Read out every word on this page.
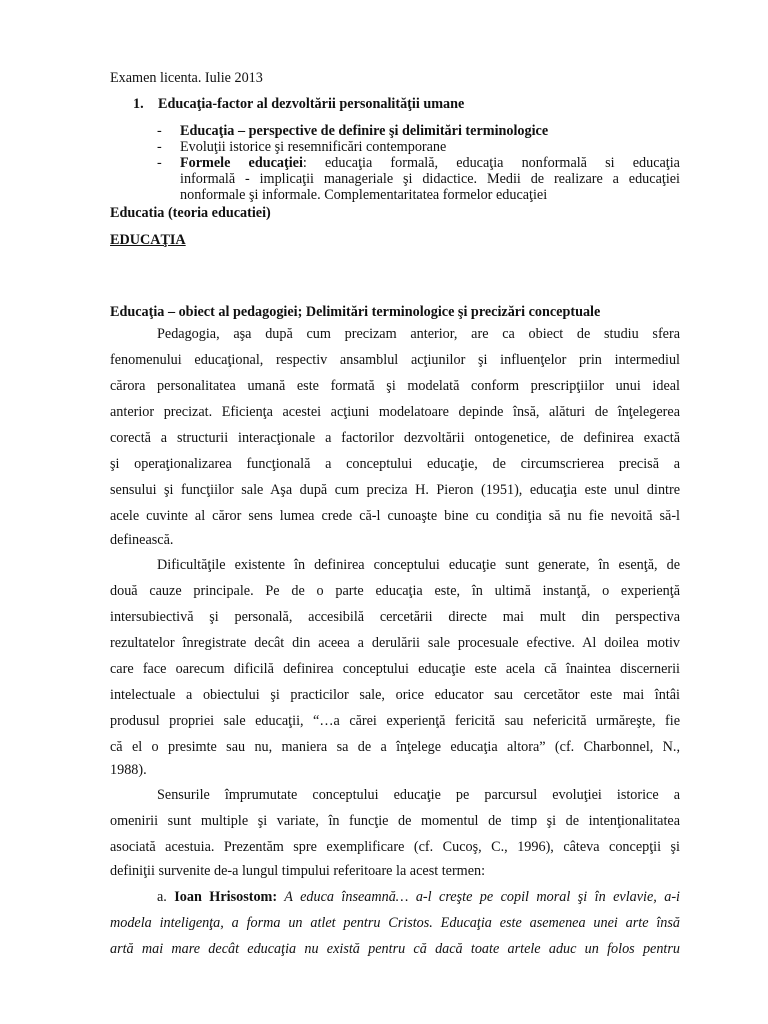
Examen licenta. Iulie 2013
1. Educaţia-factor al dezvoltării personalităţii umane
- Educaţia – perspective de definire şi delimitări terminologice
- Evoluţii istorice şi resemnificări contemporane
- Formele educaţiei: educaţia formală, educaţia nonformală si educaţia
informală - implicaţii manageriale şi didactice. Medii de realizare a educaţiei
nonformale şi informale. Complementaritatea formelor educaţiei
Educatia (teoria educatiei)
EDUCAŢIA
Educaţia – obiect al pedagogiei; Delimitări terminologice şi precizări conceptuale
Pedagogia, aşa după cum precizam anterior, are ca obiect de studiu sfera
fenomenului educaţional, respectiv ansamblul acţiunilor şi influenţelor prin intermediul
cărora personalitatea umană este formată şi modelată conform prescripţiilor unui ideal
anterior precizat. Eficienţa acestei acţiuni modelatoare depinde însă, alături de înţelegerea
corectă a structurii interacţionale a factorilor dezvoltării ontogenetice, de definirea exactă
şi operaţionalizarea funcţională a conceptului educaţie, de circumscrierea precisă a
sensului şi funcţiilor sale Aşa după cum preciza H. Pieron (1951), educaţia este unul dintre
acele cuvinte al căror sens lumea crede că-l cunoaşte bine cu condiţia să nu fie nevoită să-l
definească.
Dificultăţile existente în definirea conceptului educaţie sunt generate, în esenţă, de
două cauze principale. Pe de o parte educaţia este, în ultimă instanţă, o experienţă
intersubiectivă şi personală, accesibilă cercetării directe mai mult din perspectiva
rezultatelor înregistrate decât din aceea a derulării sale procesuale efective. Al doilea motiv
care face oarecum dificilă definirea conceptului educaţie este acela că înaintea discernerii
intelectuale a obiectului şi practicilor sale, orice educator sau cercetător este mai întâi
produsul propriei sale educaţii, “…a cărei experienţă fericită sau nefericită urmăreşte, fie
că el o presimte sau nu, maniera sa de a înţelege educaţia altora” (cf. Charbonnel, N.,
1988).
Sensurile împrumutate conceptului educaţie pe parcursul evoluţiei istorice a
omenirii sunt multiple şi variate, în funcţie de momentul de timp şi de intenţionalitatea
asociată acestuia. Prezentăm spre exemplificare (cf. Cucoş, C., 1996), câteva concepţii şi
definiţii survenite de-a lungul timpului referitoare la acest termen:
a. Ioan Hrisostom: A educa înseamnă… a-l creşte pe copil moral şi în evlavie, a-i
modela inteligenţa, a forma un atlet pentru Cristos. Educaţia este asemenea unei arte însă
artă mai mare decât educaţia nu există pentru că dacă toate artele aduc un folos pentru
